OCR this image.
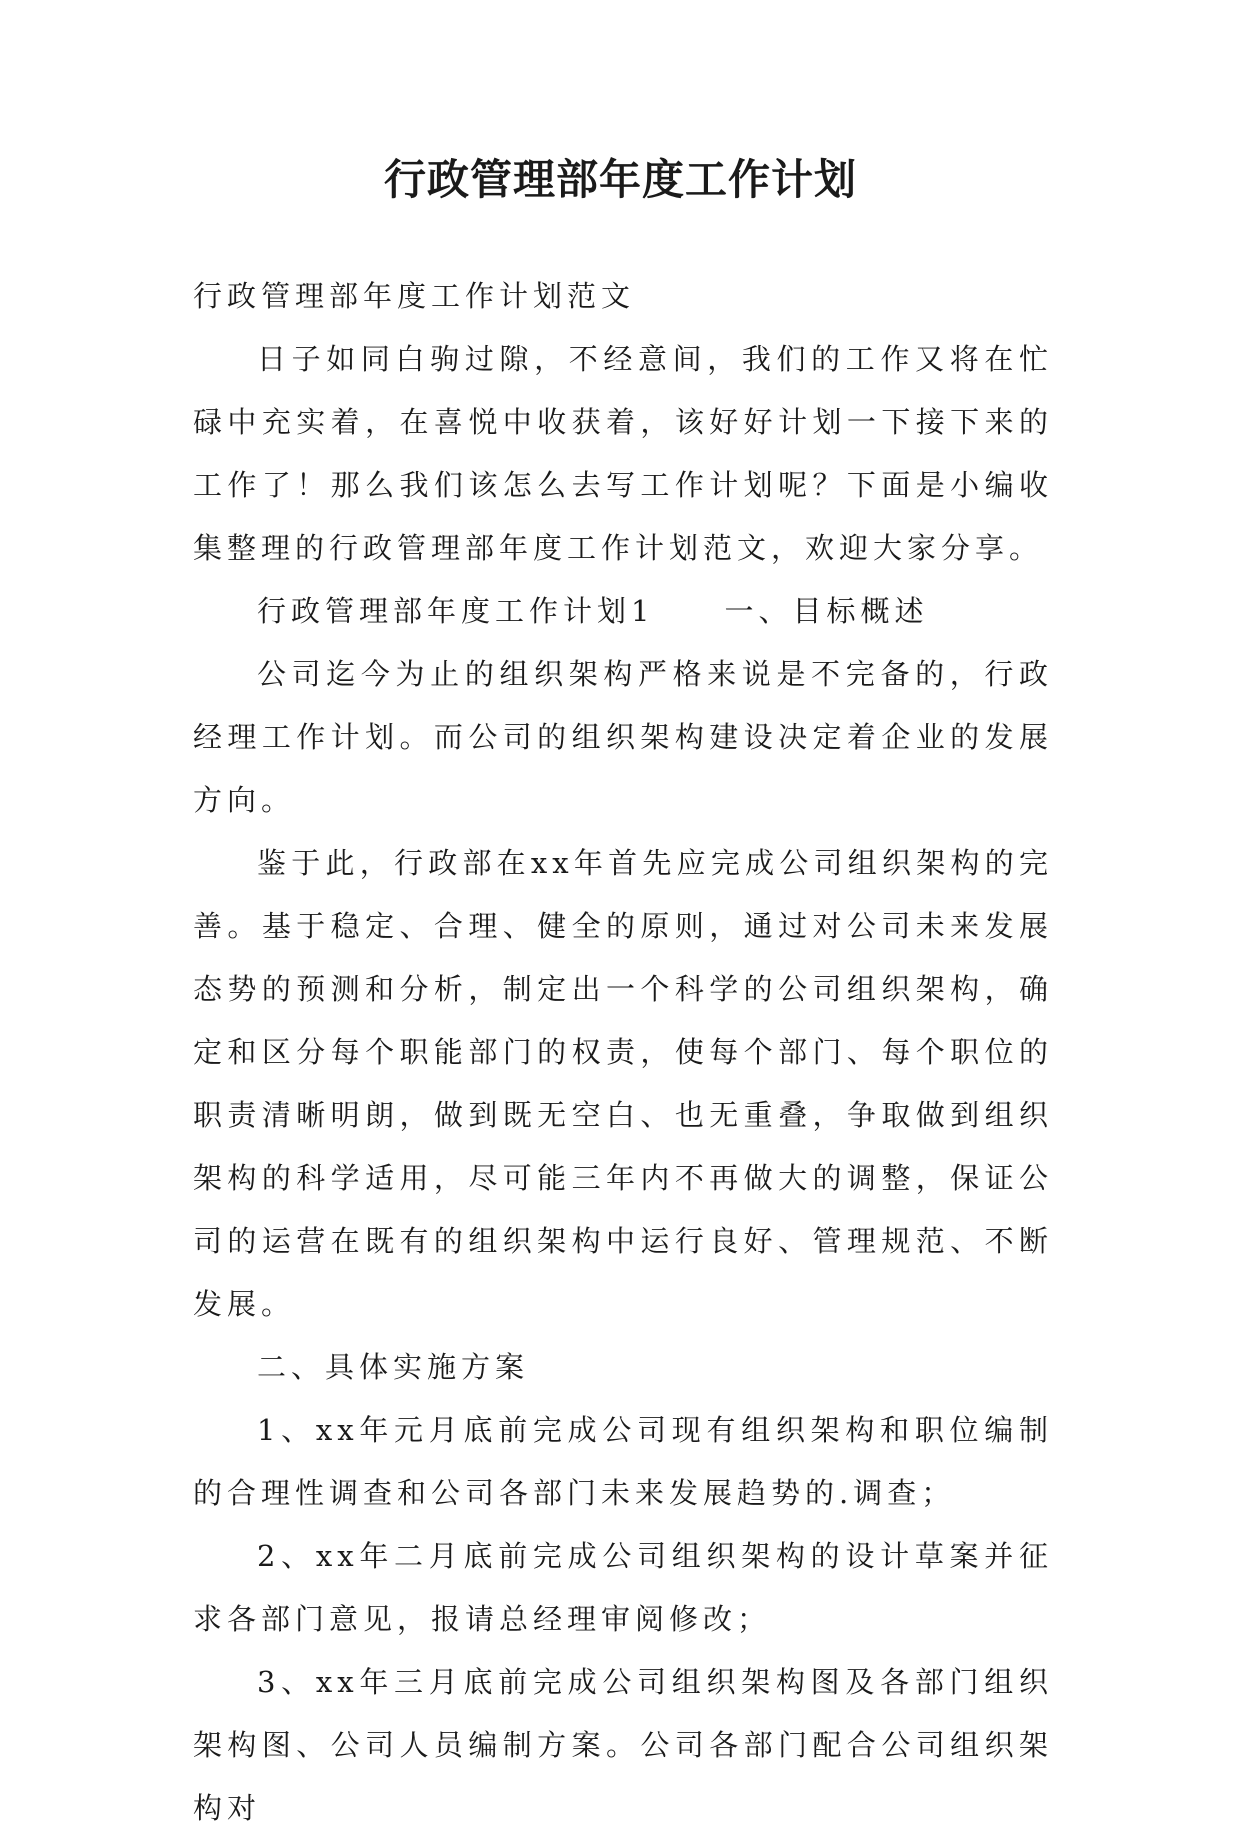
行政管理部年度工作计划

行政管理部年度工作计划范文

日子如同白驹过隙，不经意间，我们的工作又将在忙碌中充实着，在喜悦中收获着，该好好计划一下接下来的工作了！那么我们该怎么去写工作计划呢？下面是小编收集整理的行政管理部年度工作计划范文，欢迎大家分享。

行政管理部年度工作计划1 一、目标概述

公司迄今为止的组织架构严格来说是不完备的，行政经理工作计划。而公司的组织架构建设决定着企业的发展方向。

鉴于此，行政部在xx年首先应完成公司组织架构的完善。基于稳定、合理、健全的原则，通过对公司未来发展态势的预测和分析，制定出一个科学的公司组织架构，确定和区分每个职能部门的权责，使每个部门、每个职位的职责清晰明朗，做到既无空白、也无重叠，争取做到组织架构的科学适用，尽可能三年内不再做大的调整，保证公司的运营在既有的组织架构中运行良好、管理规范、不断发展。

二、具体实施方案

1、xx年元月底前完成公司现有组织架构和职位编制的合理性调查和公司各部门未来发展趋势的.调查；

2、xx年二月底前完成公司组织架构的设计草案并征求各部门意见，报请总经理审阅修改；

3、xx年三月底前完成公司组织架构图及各部门组织架构图、公司人员编制方案。公司各部门配合公司组织架构对
